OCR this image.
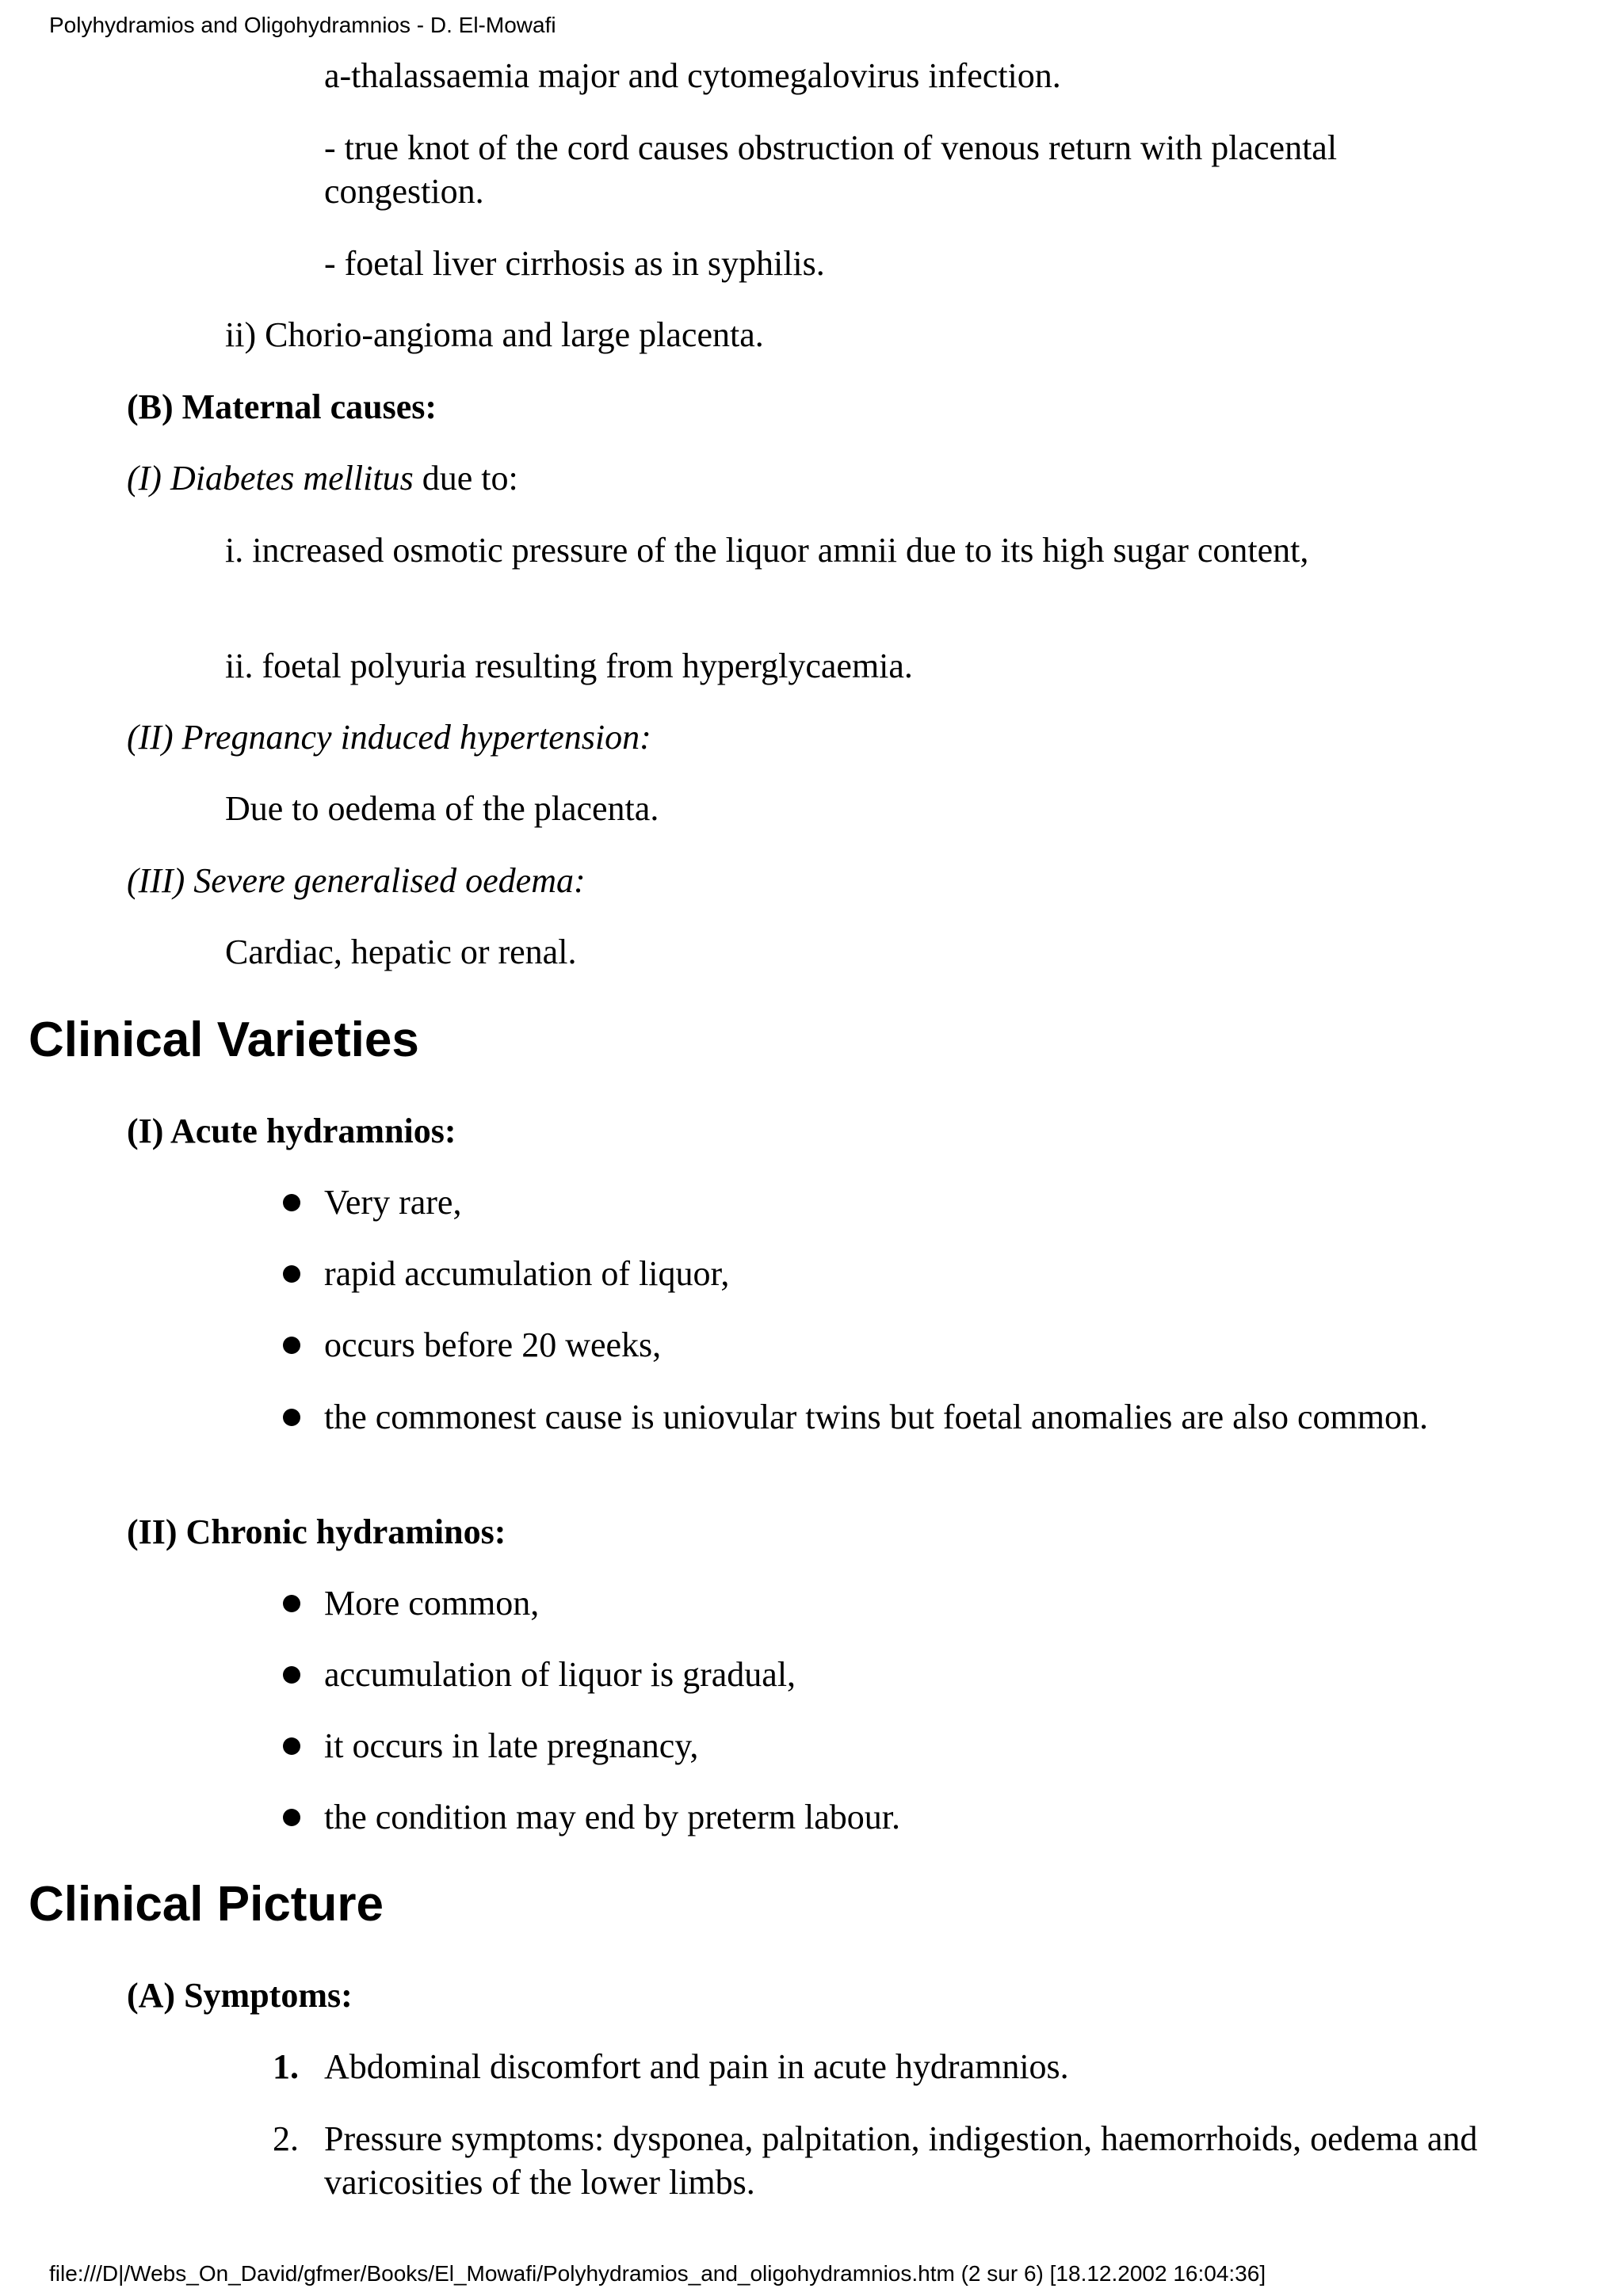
Polyhydramios and Oligohydramnios - D. El-Mowafi

a-thalassaemia major and cytomegalovirus infection.

- true knot of the cord causes obstruction of venous return with placental congestion.

- foetal liver cirrhosis as in syphilis.

ii) Chorio-angioma and large placenta.

(B) Maternal causes:

(I) Diabetes mellitus due to:

i. increased osmotic pressure of the liquor amnii due to its high sugar content,

ii. foetal polyuria resulting from hyperglycaemia.

(II) Pregnancy induced hypertension:

Due to oedema of the placenta.

(III) Severe generalised oedema:

Cardiac, hepatic or renal.

Clinical Varieties

(I) Acute hydramnios:

Very rare,

rapid accumulation of liquor,

occurs before 20 weeks,

the commonest cause is uniovular twins but foetal anomalies are also common.

(II) Chronic hydraminos:

More common,

accumulation of liquor is gradual,

it occurs in late pregnancy,

the condition may end by preterm labour.

Clinical Picture

(A) Symptoms:

1. Abdominal discomfort and pain in acute hydramnios.

2. Pressure symptoms: dysponea, palpitation, indigestion, haemorrhoids, oedema and varicosities of the lower limbs.

file:///D|/Webs_On_David/gfmer/Books/El_Mowafi/Polyhydramios_and_oligohydramnios.htm (2 sur 6) [18.12.2002 16:04:36]
